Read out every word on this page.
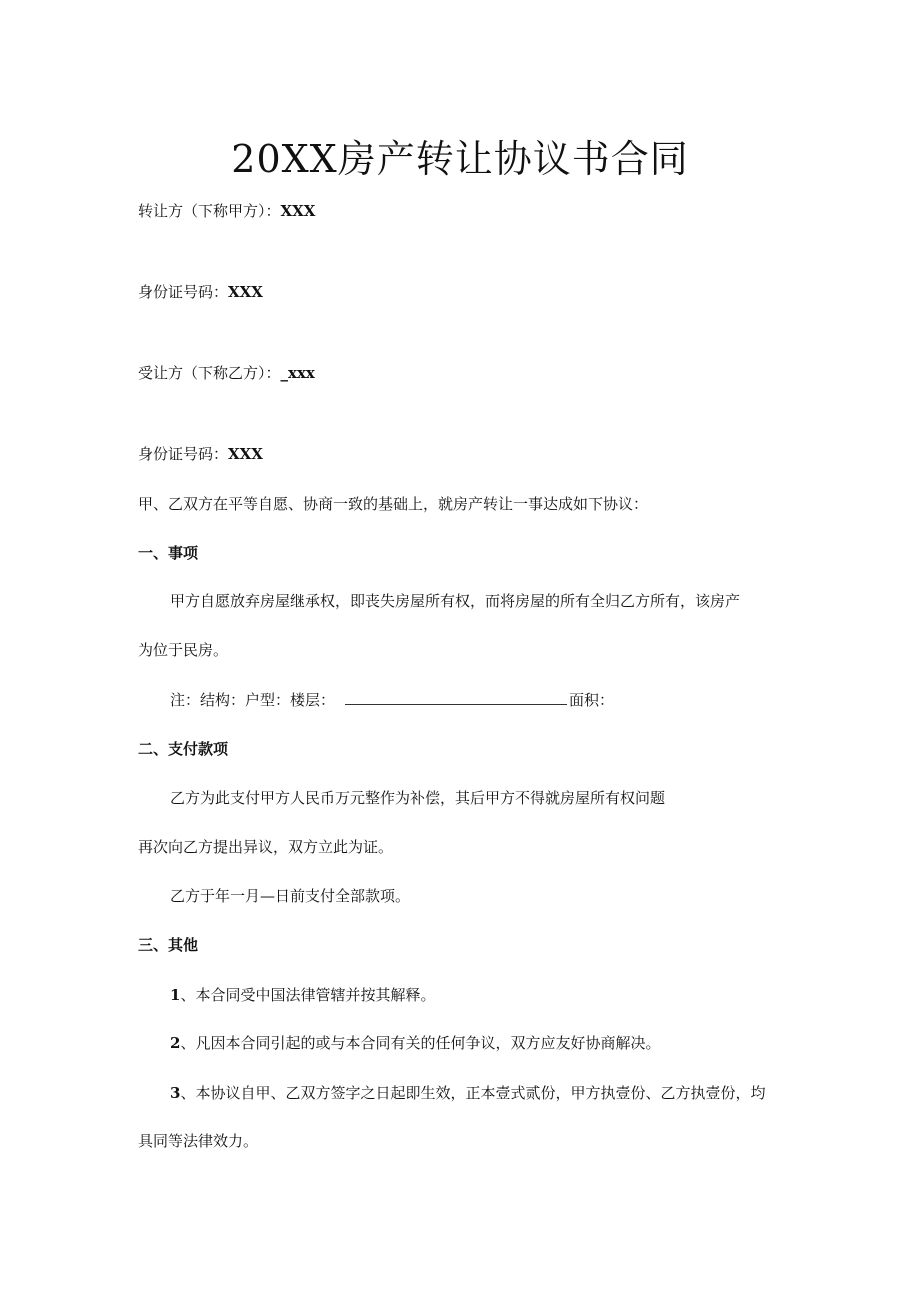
20XX房产转让协议书合同
转让方（下称甲方）：XXX
身份证号码：XXX
受让方（下称乙方）：_xxx
身份证号码：XXX
甲、乙双方在平等自愿、协商一致的基础上，就房产转让一事达成如下协议：
一、事项
甲方自愿放弃房屋继承权，即丧失房屋所有权，而将房屋的所有全归乙方所有，该房产
为位于民房。
注：结构：户型：楼层：	面积：
二、支付款项
乙方为此支付甲方人民币万元整作为补偿，其后甲方不得就房屋所有权问题
再次向乙方提出异议，双方立此为证。
乙方于年一月—日前支付全部款项。
三、其他
1、本合同受中国法律管辖并按其解释。
2、凡因本合同引起的或与本合同有关的任何争议，双方应友好协商解决。
3、本协议自甲、乙双方签字之日起即生效，正本壹式贰份，甲方执壹份、乙方执壹份，均
具同等法律效力。
